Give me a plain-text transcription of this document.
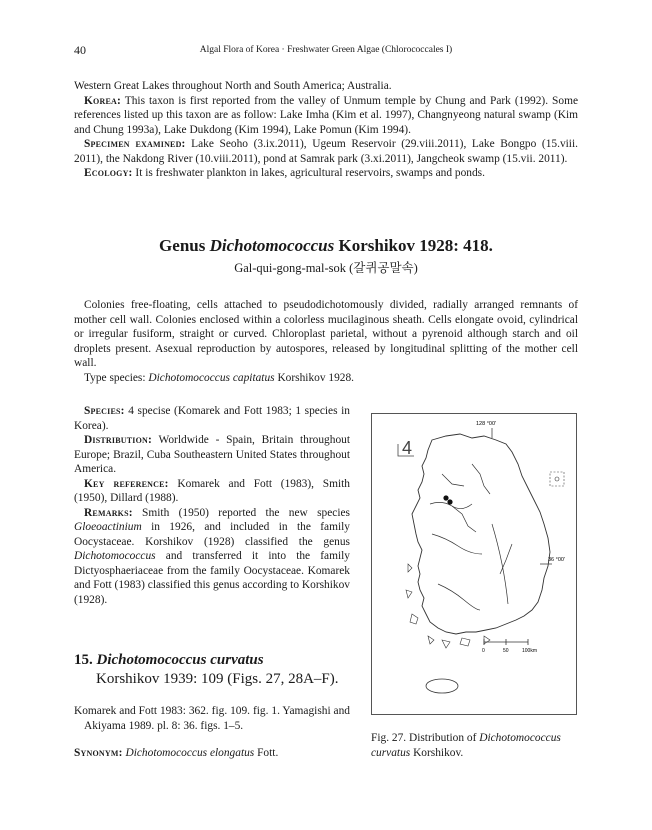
40	Algal Flora of Korea · Freshwater Green Algae (Chlorococcales I)

Western Great Lakes throughout North and South America; Australia.

Korea: This taxon is first reported from the valley of Unmum temple by Chung and Park (1992). Some references listed up this taxon are as follow: Lake Imha (Kim et al. 1997), Changnyeong natural swamp (Kim and Chung 1993a), Lake Dukdong (Kim 1994), Lake Pomun (Kim 1994).

Specimen examined: Lake Seoho (3.ix.2011), Ugeum Reservoir (29.viii.2011), Lake Bongpo (15.viii. 2011), the Nakdong River (10.viii.2011), pond at Samrak park (3.xi.2011), Jangcheok swamp (15.vii. 2011).

Ecology: It is freshwater plankton in lakes, agricultural reservoirs, swamps and ponds.

Genus Dichotomococcus Korshikov 1928: 418.
Gal-qui-gong-mal-sok (갈퀴공말속)

Colonies free-floating, cells attached to pseudodichotomously divided, radially arranged remnants of mother cell wall. Colonies enclosed within a colorless mucilaginous sheath. Cells elongate ovoid, cylindrical or irregular fusiform, straight or curved. Chloroplast parietal, without a pyrenoid although starch and oil droplets present. Asexual reproduction by autospores, released by longitudinal splitting of the mother cell wall.

Type species: Dichotomococcus capitatus Korshikov 1928.

Species: 4 specise (Komarek and Fott 1983; 1 species in Korea).

Distribution: Worldwide - Spain, Britain throughout Europe; Brazil, Cuba Southeastern United States throughout America.

Key reference: Komarek and Fott (1983), Smith (1950), Dillard (1988).

Remarks: Smith (1950) reported the new species Gloeoactinium in 1926, and included in the family Oocystaceae. Korshikov (1928) classified the genus Dichotomococcus and transferred it into the family Dictyosphaeriaceae from the family Oocystaceae. Komarek and Fott (1983) classified this genus according to Korshikov (1928).

15. Dichotomococcus curvatus
Korshikov 1939: 109 (Figs. 27, 28A–F).

Komarek and Fott 1983: 362. fig. 109. fig. 1. Yamagishi and Akiyama 1989. pl. 8: 36. figs. 1–5.

Synonym: Dichotomococcus elongatus Fott.

128 °00'
4
36 °00'
0	50	100km
Fig. 27. Distribution of Dichotomococcus curvatus Korshikov.
